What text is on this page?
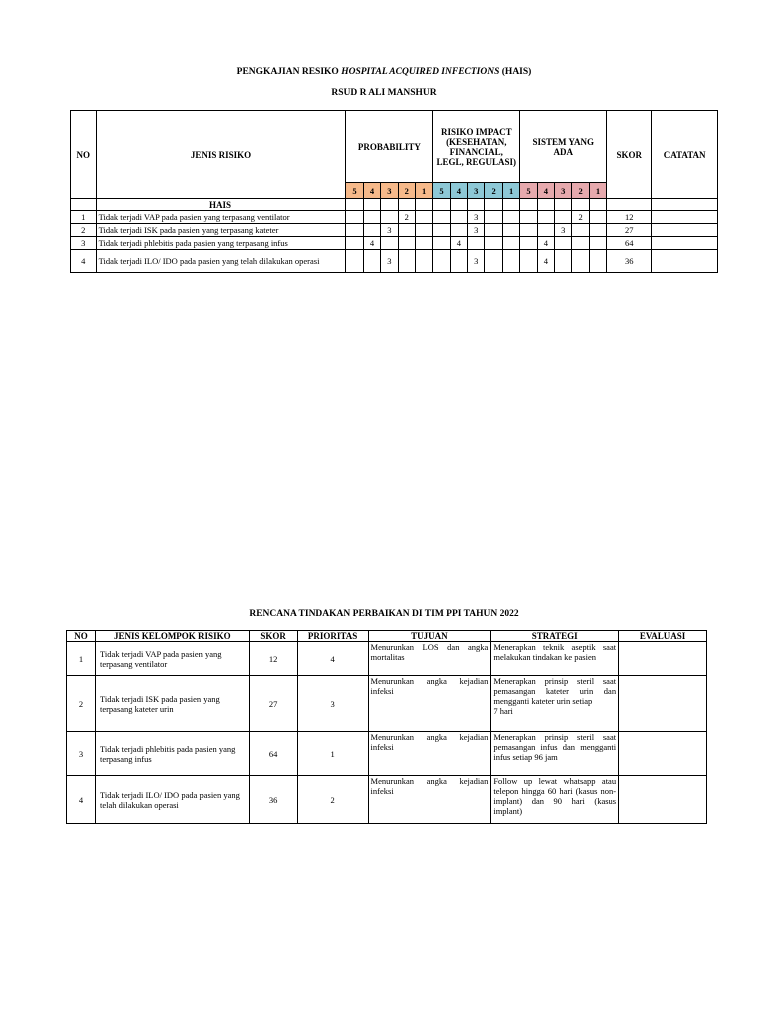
PENGKAJIAN RESIKO HOSPITAL ACQUIRED INFECTIONS (HAIS)
RSUD R ALI MANSHUR
NO	JENIS RISIKO	PROBABILITY					RISIKO IMPACT (KESEHATAN, FINANCIAL, LEGL, REGULASI)					SISTEM YANG ADA					SKOR	CATATAN
		5	4	3	2	1	5	4	3	2	1	5	4	3	2	1		
	HAIS																	
1	Tidak terjadi VAP pada pasien yang terpasang ventilator				2				3						2		12	
2	Tidak terjadi ISK pada pasien yang terpasang kateter			3					3					3			27	
3	Tidak terjadi phlebitis pada pasien yang terpasang infus		4					4					4				64	
4	Tidak terjadi ILO/ IDO pada pasien yang telah dilakukan operasi			3					3				4				36	
RENCANA TINDAKAN PERBAIKAN DI TIM PPI TAHUN 2022
NO	JENIS KELOMPOK RISIKO	SKOR	PRIORITAS	TUJUAN	STRATEGI	EVALUASI
1	Tidak terjadi VAP pada pasien yang terpasang ventilator	12	4	Menurunkan LOS dan angka mortalitas	Menerapkan teknik aseptik saat melakukan tindakan ke pasien	
2	Tidak terjadi ISK pada pasien yang terpasang kateter urin	27	3	Menurunkan angka kejadian infeksi	Menerapkan prinsip steril saat pemasangan kateter urin dan mengganti kateter urin setiap
7 hari	
3	Tidak terjadi phlebitis pada pasien yang terpasang infus	64	1	Menurunkan angka kejadian infeksi	Menerapkan prinsip steril saat pemasangan infus dan mengganti infus setiap 96 jam	
4	Tidak terjadi ILO/ IDO pada pasien yang telah dilakukan operasi	36	2	Menurunkan angka kejadian infeksi	Follow up lewat whatsapp atau telepon hingga 60 hari (kasus non-implant) dan 90 hari (kasus implant)	
